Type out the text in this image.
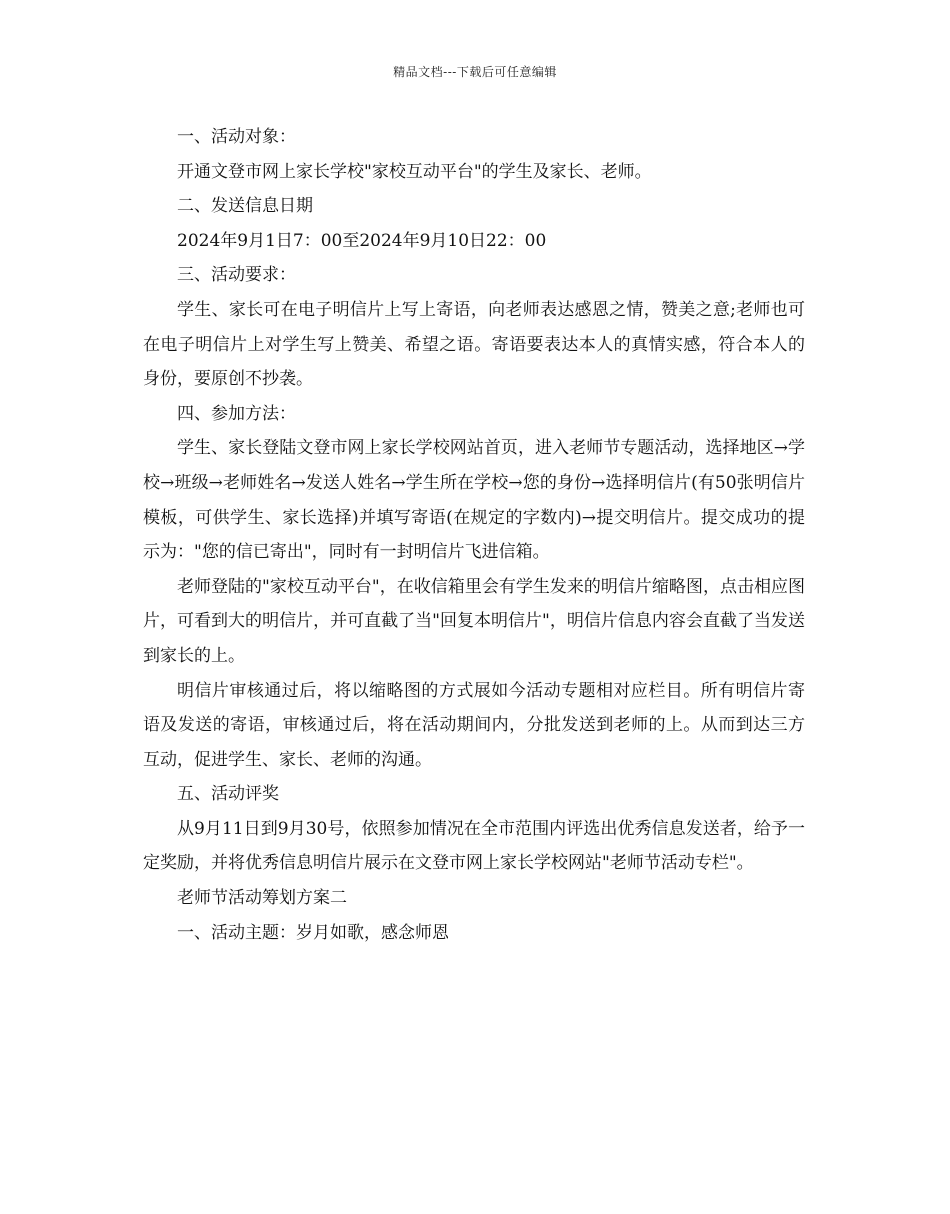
精品文档---下载后可任意编辑

一、活动对象：

开通文登市网上家长学校"家校互动平台"的学生及家长、老师。

二、发送信息日期

2024年9月1日7：00至2024年9月10日22：00

三、活动要求：

学生、家长可在电子明信片上写上寄语，向老师表达感恩之情，赞美之意;老师也可在电子明信片上对学生写上赞美、希望之语。寄语要表达本人的真情实感，符合本人的身份，要原创不抄袭。

四、参加方法：

学生、家长登陆文登市网上家长学校网站首页，进入老师节专题活动，选择地区→学校→班级→老师姓名→发送人姓名→学生所在学校→您的身份→选择明信片(有50张明信片模板，可供学生、家长选择)并填写寄语(在规定的字数内)→提交明信片。提交成功的提示为："您的信已寄出"，同时有一封明信片飞进信箱。

老师登陆的"家校互动平台"，在收信箱里会有学生发来的明信片缩略图，点击相应图片，可看到大的明信片，并可直截了当"回复本明信片"，明信片信息内容会直截了当发送到家长的上。

明信片审核通过后，将以缩略图的方式展如今活动专题相对应栏目。所有明信片寄语及发送的寄语，审核通过后，将在活动期间内，分批发送到老师的上。从而到达三方互动，促进学生、家长、老师的沟通。

五、活动评奖

从9月11日到9月30号，依照参加情况在全市范围内评选出优秀信息发送者，给予一定奖励，并将优秀信息明信片展示在文登市网上家长学校网站"老师节活动专栏"。

老师节活动筹划方案二

一、活动主题：岁月如歌，感念师恩
